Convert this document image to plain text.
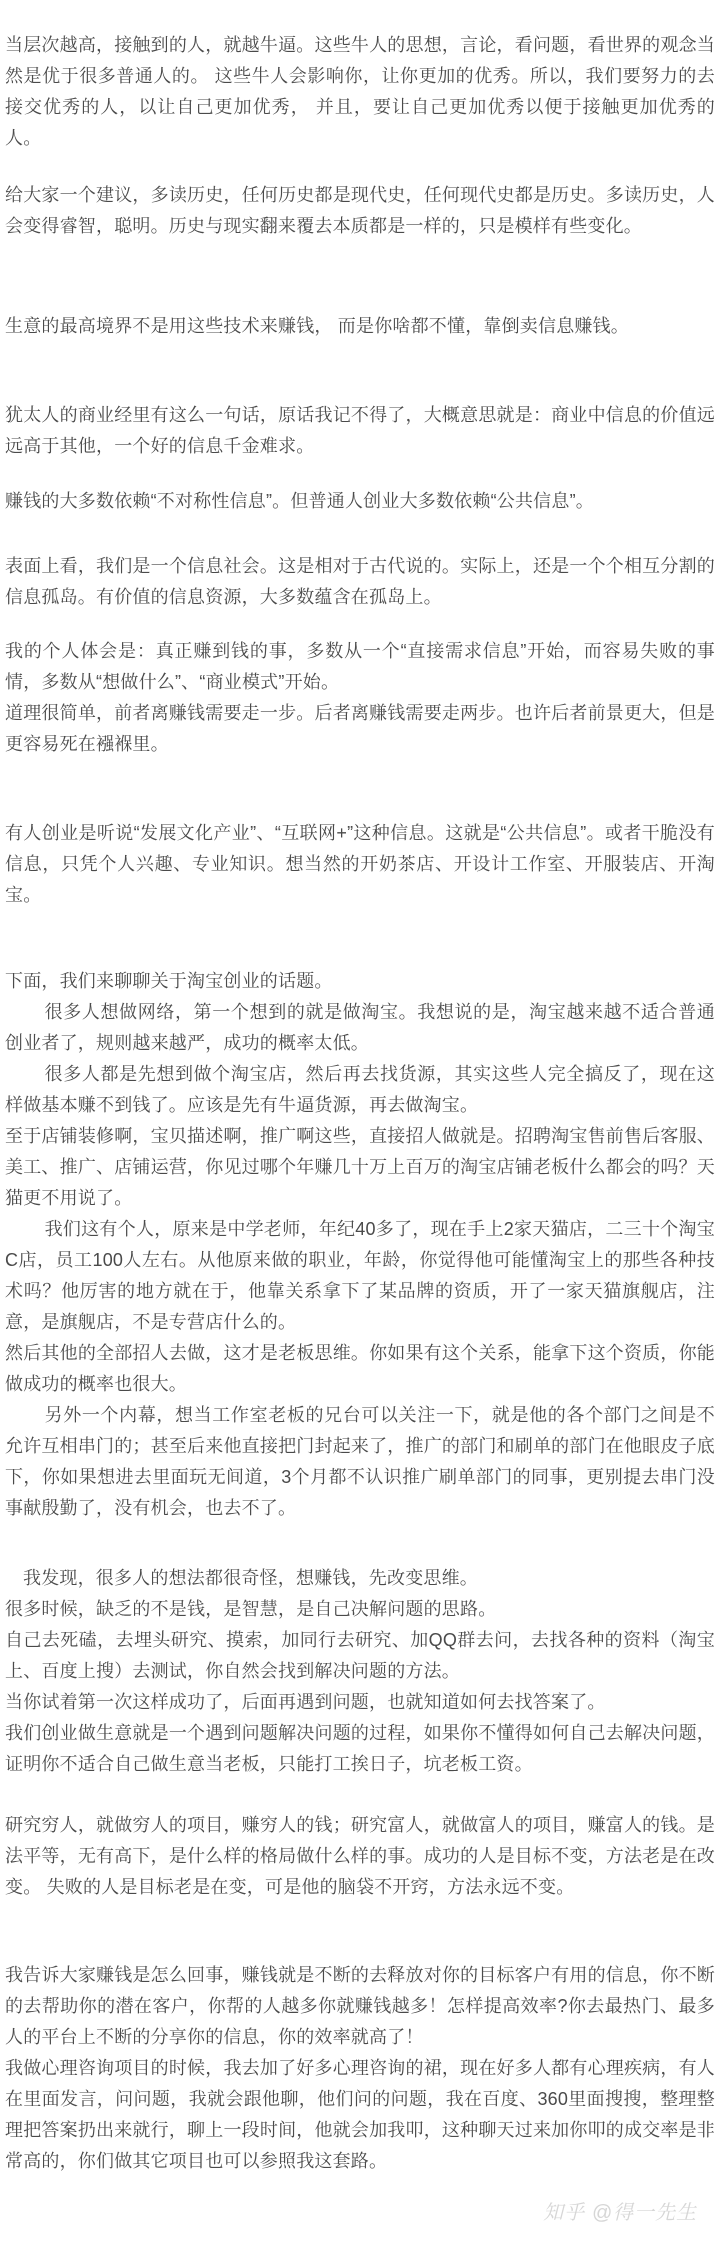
当层次越高，接触到的人，就越牛逼。这些牛人的思想，言论，看问题，看世界的观念当然是优于很多普通人的。 这些牛人会影响你，让你更加的优秀。所以，我们要努力的去接交优秀的人，以让自己更加优秀， 并且，要让自己更加优秀以便于接触更加优秀的人。

给大家一个建议，多读历史，任何历史都是现代史，任何现代史都是历史。多读历史，人会变得睿智，聪明。历史与现实翻来覆去本质都是一样的，只是模样有些变化。

生意的最高境界不是用这些技术来赚钱， 而是你啥都不懂，靠倒卖信息赚钱。

犹太人的商业经里有这么一句话，原话我记不得了，大概意思就是：商业中信息的价值远远高于其他，一个好的信息千金难求。

赚钱的大多数依赖“不对称性信息”。但普通人创业大多数依赖“公共信息”。

表面上看，我们是一个信息社会。这是相对于古代说的。实际上，还是一个个相互分割的信息孤岛。有价值的信息资源，大多数蕴含在孤岛上。

我的个人体会是：真正赚到钱的事，多数从一个“直接需求信息”开始，而容易失败的事情，多数从“想做什么”、“商业模式”开始。

道理很简单，前者离赚钱需要走一步。后者离赚钱需要走两步。也许后者前景更大，但是更容易死在襁褓里。

有人创业是听说“发展文化产业”、“互联网+”这种信息。这就是“公共信息”。或者干脆没有信息，只凭个人兴趣、专业知识。想当然的开奶茶店、开设计工作室、开服装店、开淘宝。

下面，我们来聊聊关于淘宝创业的话题。

很多人想做网络，第一个想到的就是做淘宝。我想说的是，淘宝越来越不适合普通创业者了，规则越来越严，成功的概率太低。

很多人都是先想到做个淘宝店，然后再去找货源，其实这些人完全搞反了，现在这样做基本赚不到钱了。应该是先有牛逼货源，再去做淘宝。

至于店铺装修啊，宝贝描述啊，推广啊这些，直接招人做就是。招聘淘宝售前售后客服、美工、推广、店铺运营，你见过哪个年赚几十万上百万的淘宝店铺老板什么都会的吗？天猫更不用说了。

我们这有个人，原来是中学老师，年纪40多了，现在手上2家天猫店，二三十个淘宝C店，员工100人左右。从他原来做的职业，年龄，你觉得他可能懂淘宝上的那些各种技术吗？他厉害的地方就在于，他靠关系拿下了某品牌的资质，开了一家天猫旗舰店，注意，是旗舰店，不是专营店什么的。

然后其他的全部招人去做，这才是老板思维。你如果有这个关系，能拿下这个资质，你能做成功的概率也很大。

另外一个内幕，想当工作室老板的兄台可以关注一下，就是他的各个部门之间是不允许互相串门的；甚至后来他直接把门封起来了，推广的部门和刷单的部门在他眼皮子底下，你如果想进去里面玩无间道，3个月都不认识推广刷单部门的同事，更别提去串门没事献殷勤了，没有机会，也去不了。

我发现，很多人的想法都很奇怪，想赚钱，先改变思维。

很多时候，缺乏的不是钱，是智慧，是自己决解问题的思路。

自己去死磕，去埋头研究、摸索，加同行去研究、加QQ群去问，去找各种的资料（淘宝上、百度上搜）去测试，你自然会找到解决问题的方法。

当你试着第一次这样成功了，后面再遇到问题，也就知道如何去找答案了。

我们创业做生意就是一个遇到问题解决问题的过程，如果你不懂得如何自己去解决问题，证明你不适合自己做生意当老板，只能打工挨日子，坑老板工资。

研究穷人，就做穷人的项目，赚穷人的钱；研究富人，就做富人的项目，赚富人的钱。是法平等，无有高下，是什么样的格局做什么样的事。成功的人是目标不变，方法老是在改变。 失败的人是目标老是在变，可是他的脑袋不开窍，方法永远不变。

我告诉大家赚钱是怎么回事，赚钱就是不断的去释放对你的目标客户有用的信息，你不断的去帮助你的潜在客户，你帮的人越多你就赚钱越多！怎样提高效率?你去最热门、最多人的平台上不断的分享你的信息，你的效率就高了！

我做心理咨询项目的时候，我去加了好多心理咨询的裙，现在好多人都有心理疾病，有人在里面发言，问问题，我就会跟他聊，他们问的问题，我在百度、360里面搜搜，整理整理把答案扔出来就行，聊上一段时间，他就会加我叩，这种聊天过来加你叩的成交率是非常高的，你们做其它项目也可以参照我这套路。

知乎 @得一先生
